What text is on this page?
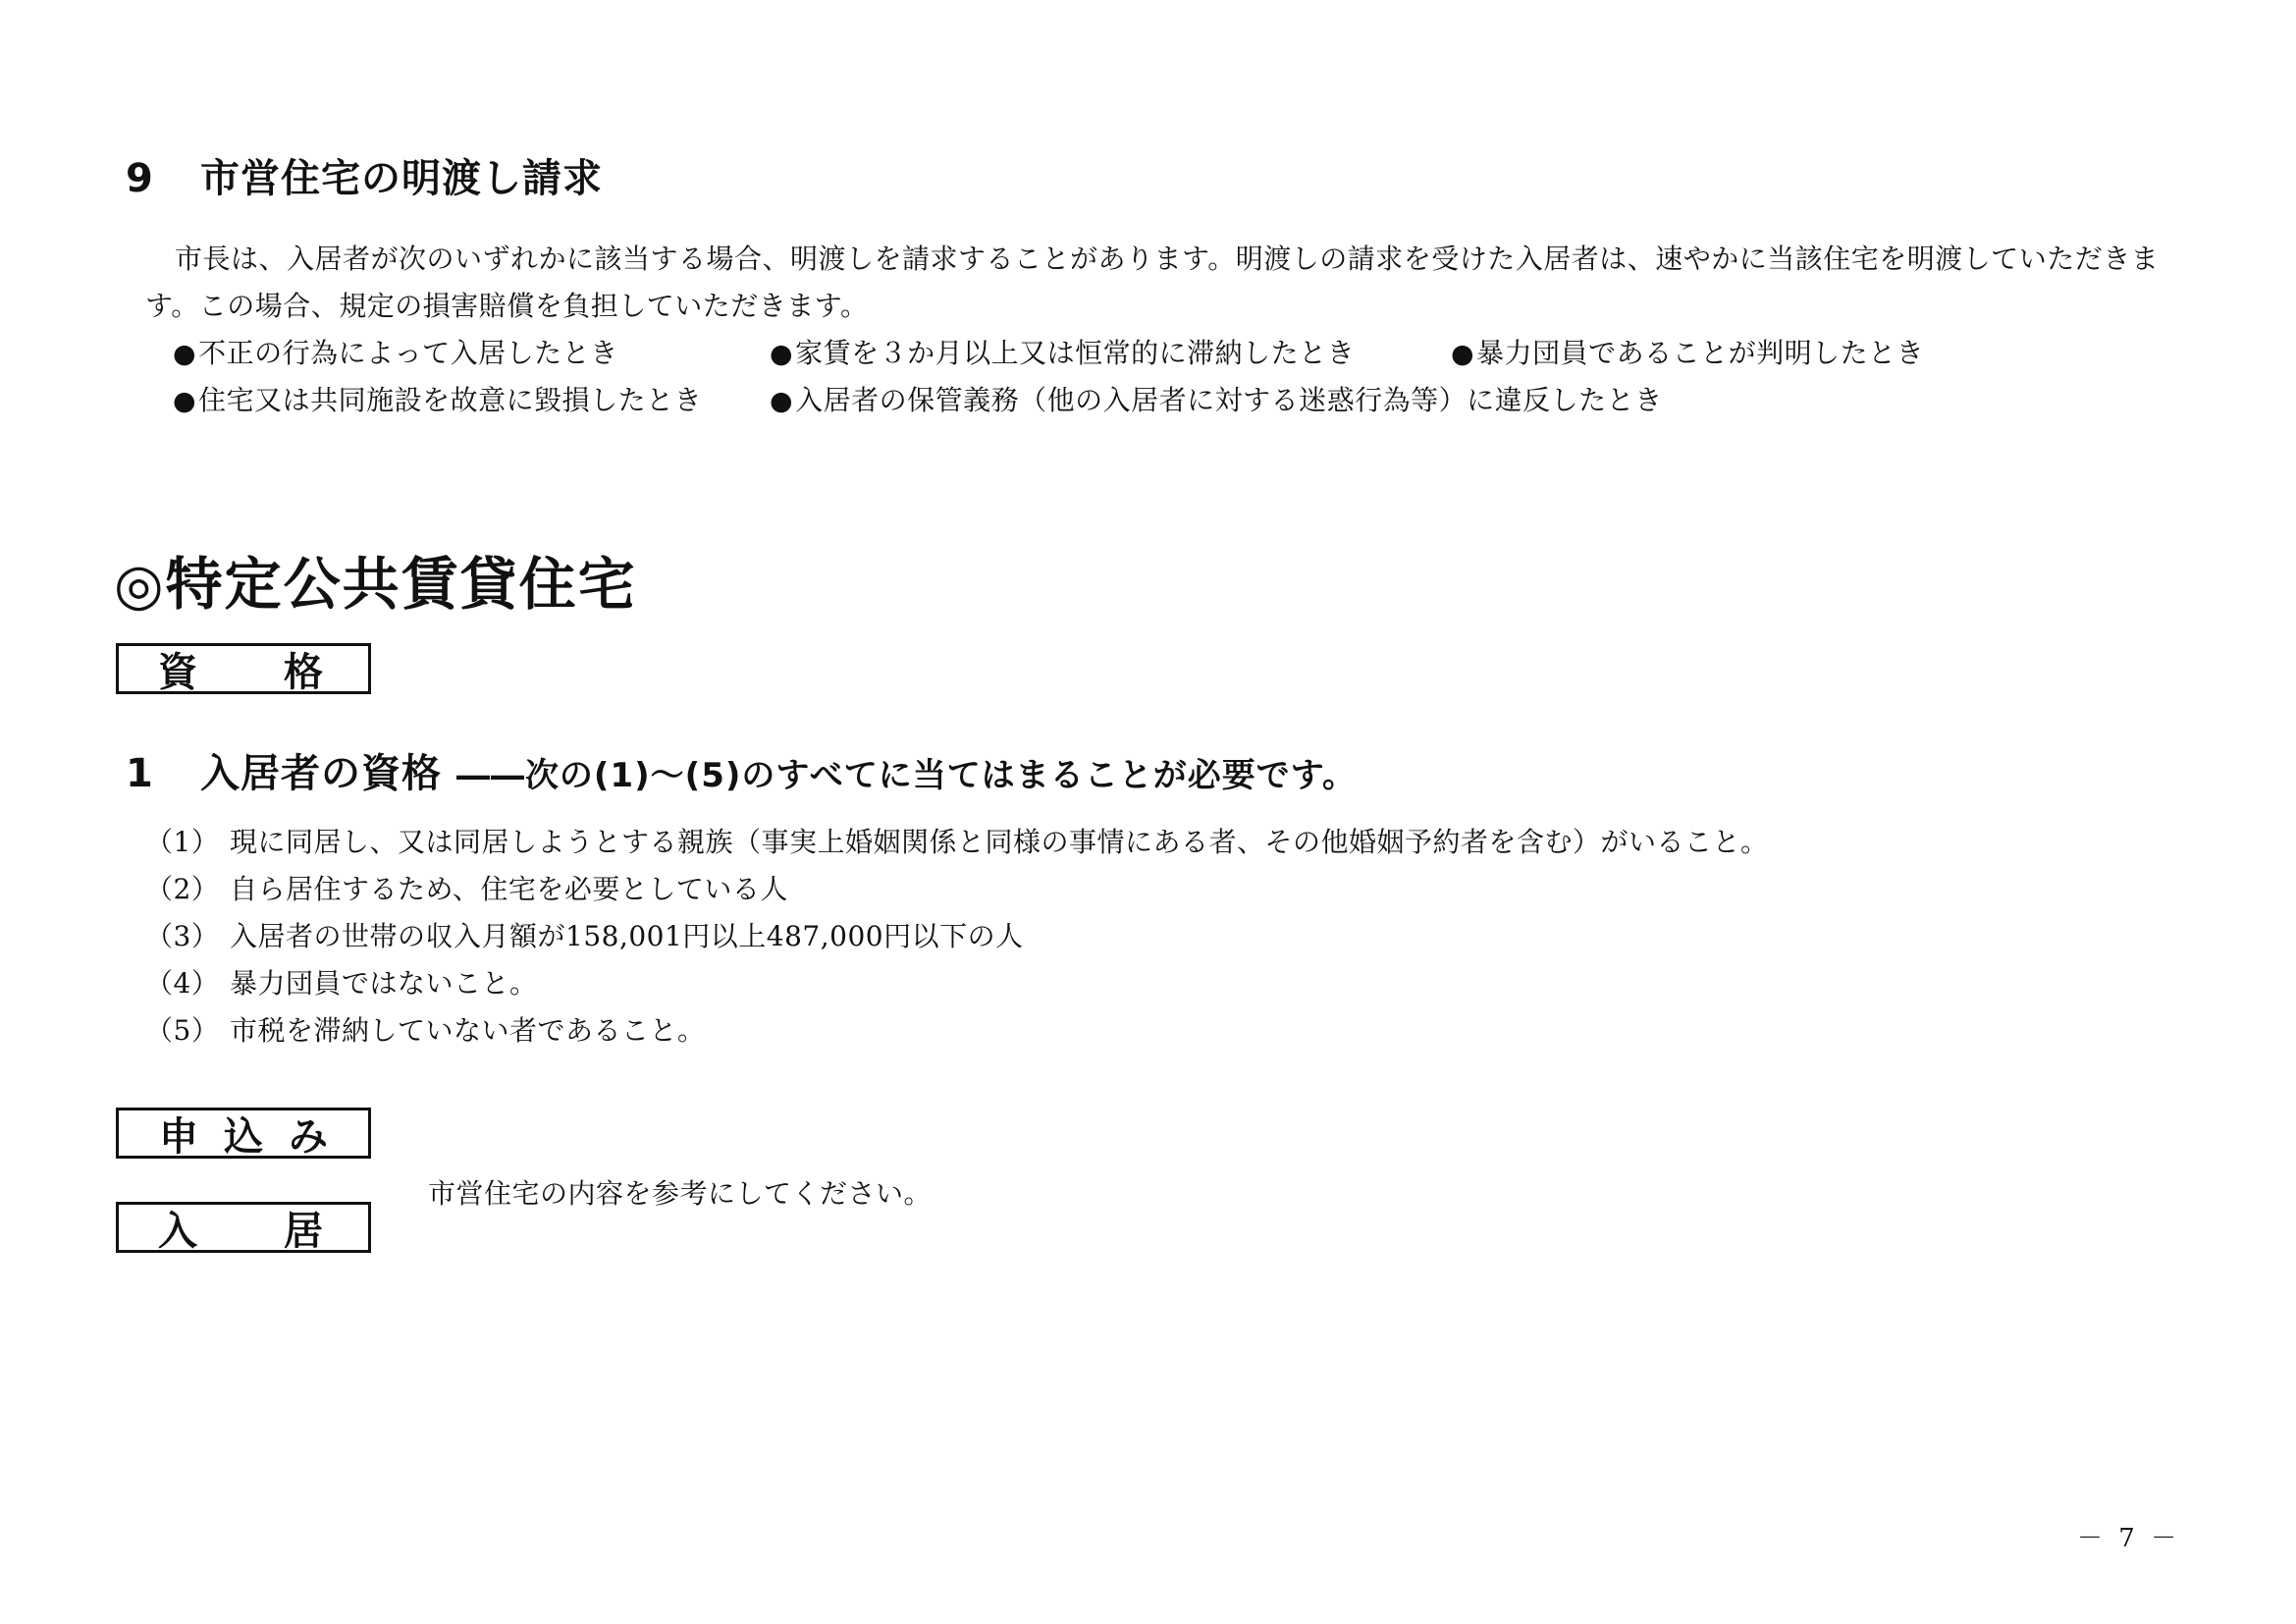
9 市営住宅の明渡し請求
市長は、入居者が次のいずれかに該当する場合、明渡しを請求することがあります。明渡しの請求を受けた入居者は、速やかに当該住宅を明渡していただきま
す。この場合、規定の損害賠償を負担していただきます。
●不正の行為によって入居したとき	●家賃を３か月以上又は恒常的に滞納したとき	●暴力団員であることが判明したとき
●住宅又は共同施設を故意に毀損したとき	●入居者の保管義務（他の入居者に対する迷惑行為等）に違反したとき
◎特定公共賃貸住宅
資 格
1 入居者の資格 ――次の(1)～(5)のすべてに当てはまることが必要です。
（1） 現に同居し、又は同居しようとする親族（事実上婚姻関係と同様の事情にある者、その他婚姻予約者を含む）がいること。
（2） 自ら居住するため、住宅を必要としている人
（3） 入居者の世帯の収入月額が158,001円以上487,000円以下の人
（4） 暴力団員ではないこと。
（5） 市税を滞納していない者であること。
申 込 み
市営住宅の内容を参考にしてください。
入 居
－ 7 －
